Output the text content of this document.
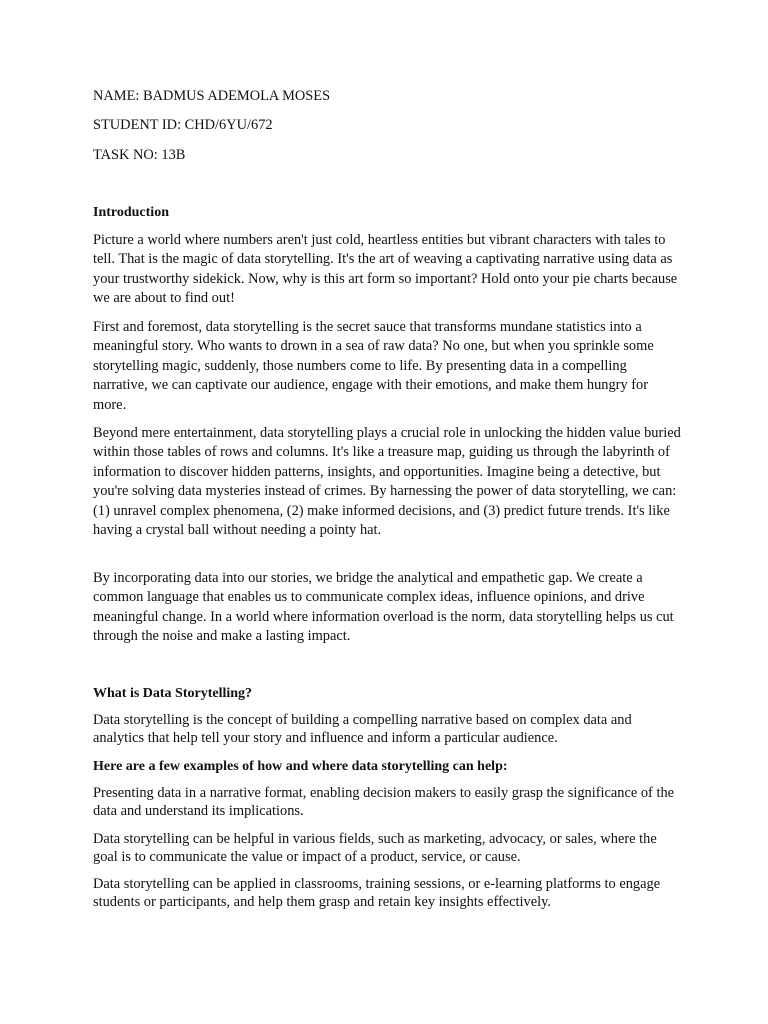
NAME: BADMUS ADEMOLA MOSES
STUDENT ID: CHD/6YU/672
TASK NO: 13B
Introduction

Picture a world where numbers aren't just cold, heartless entities but vibrant characters with tales to tell. That is the magic of data storytelling. It's the art of weaving a captivating narrative using data as your trustworthy sidekick. Now, why is this art form so important? Hold onto your pie charts because we are about to find out!

First and foremost, data storytelling is the secret sauce that transforms mundane statistics into a meaningful story. Who wants to drown in a sea of raw data? No one, but when you sprinkle some storytelling magic, suddenly, those numbers come to life. By presenting data in a compelling narrative, we can captivate our audience, engage with their emotions, and make them hungry for more.

Beyond mere entertainment, data storytelling plays a crucial role in unlocking the hidden value buried within those tables of rows and columns. It's like a treasure map, guiding us through the labyrinth of information to discover hidden patterns, insights, and opportunities. Imagine being a detective, but you're solving data mysteries instead of crimes. By harnessing the power of data storytelling, we can: (1) unravel complex phenomena, (2) make informed decisions, and (3) predict future trends. It's like having a crystal ball without needing a pointy hat.

By incorporating data into our stories, we bridge the analytical and empathetic gap. We create a common language that enables us to communicate complex ideas, influence opinions, and drive meaningful change. In a world where information overload is the norm, data storytelling helps us cut through the noise and make a lasting impact.

What is Data Storytelling?

Data storytelling is the concept of building a compelling narrative based on complex data and analytics that help tell your story and influence and inform a particular audience.

Here are a few examples of how and where data storytelling can help:

Presenting data in a narrative format, enabling decision makers to easily grasp the significance of the data and understand its implications.

Data storytelling can be helpful in various fields, such as marketing, advocacy, or sales, where the goal is to communicate the value or impact of a product, service, or cause.

Data storytelling can be applied in classrooms, training sessions, or e-learning platforms to engage students or participants, and help them grasp and retain key insights effectively.
